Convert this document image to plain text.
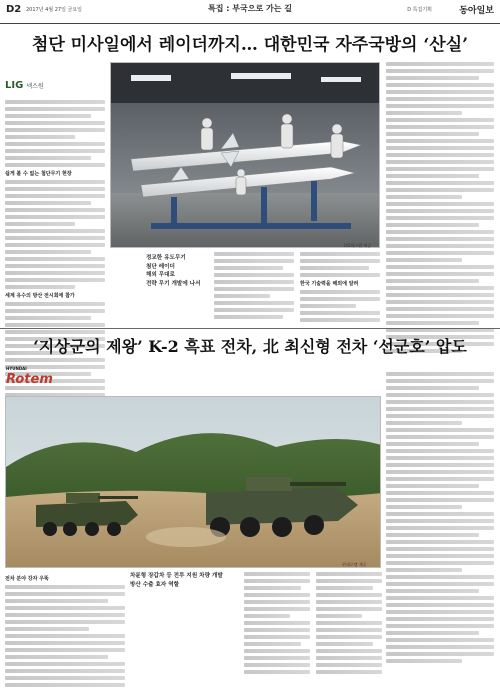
D2 2017년 4월 27일 금요일	특집 : 부국으로 가는 길	D 특집기획	동아일보
첨단 미사일에서 레이더까지… 대한민국 자주국방의 ‘산실’
LIG 넥스원
쉽게 볼 수 없는 첨단무기 현장
세계 유수의 방산 전시회에 참가
LIG넥스원 제공
정교한 유도무기
첨단 레이더
해외 무대로
전략 무기 개발에 나서	한국 기술력을 해외에 알려
‘지상군의 제왕’ K-2 흑표 전차, 北 최신형 전차 ‘선군호’ 압도
HYUNDAI
Rotem
현대로템 제공
전차 분야 강자 우뚝	차륜형 장갑차 등 전투 지원 차량 개발
방산 수출 효자 역할
